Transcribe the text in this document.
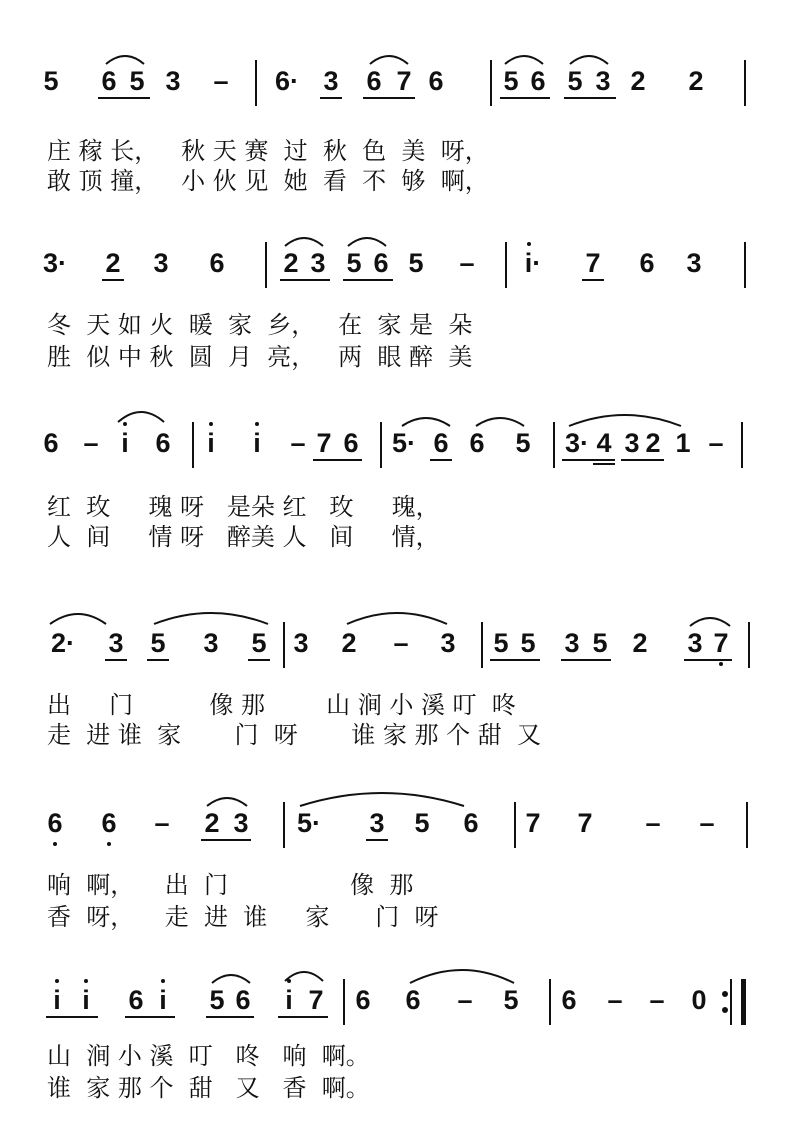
5 6 5 3 – 6· 3 6 7 6 5 6 5 3 2 2
庄 稼 长，   秋 天 赛  过  秋  色  美  呀，
敢 顶 撞，   小 伙 见  她  看  不  够  啊，
3· 2 3 6 2 3 5 6 5 – i· 7 6 3
冬  天 如 火  暖  家  乡，   在  家 是  朵
胜  似 中 秋  圆  月  亮，   两  眼 醉  美
6 – i 6 i i – 7 6 5· 6 6 5 3· 4 3 2 1 –
红  玫     瑰 呀   是朵 红   玫     瑰，
人  间     情 呀   醉美 人   间     情，
2· 3 5 3 5 3 2 – 3 5 5 3 5 2 3 7
出     门          像 那        山 涧 小 溪 叮  咚
走  进 谁  家       门  呀       谁 家 那 个 甜  又
6 6 – 2 3 5· 3 5 6 7 7 – –
响  啊，    出  门                像  那
香  呀，    走  进  谁     家      门  呀
i i 6 i 5 6 i 7 6 6 – 5 6 – – 0
山  涧 小 溪  叮   咚   响  啊。
谁  家 那 个  甜   又   香  啊。
